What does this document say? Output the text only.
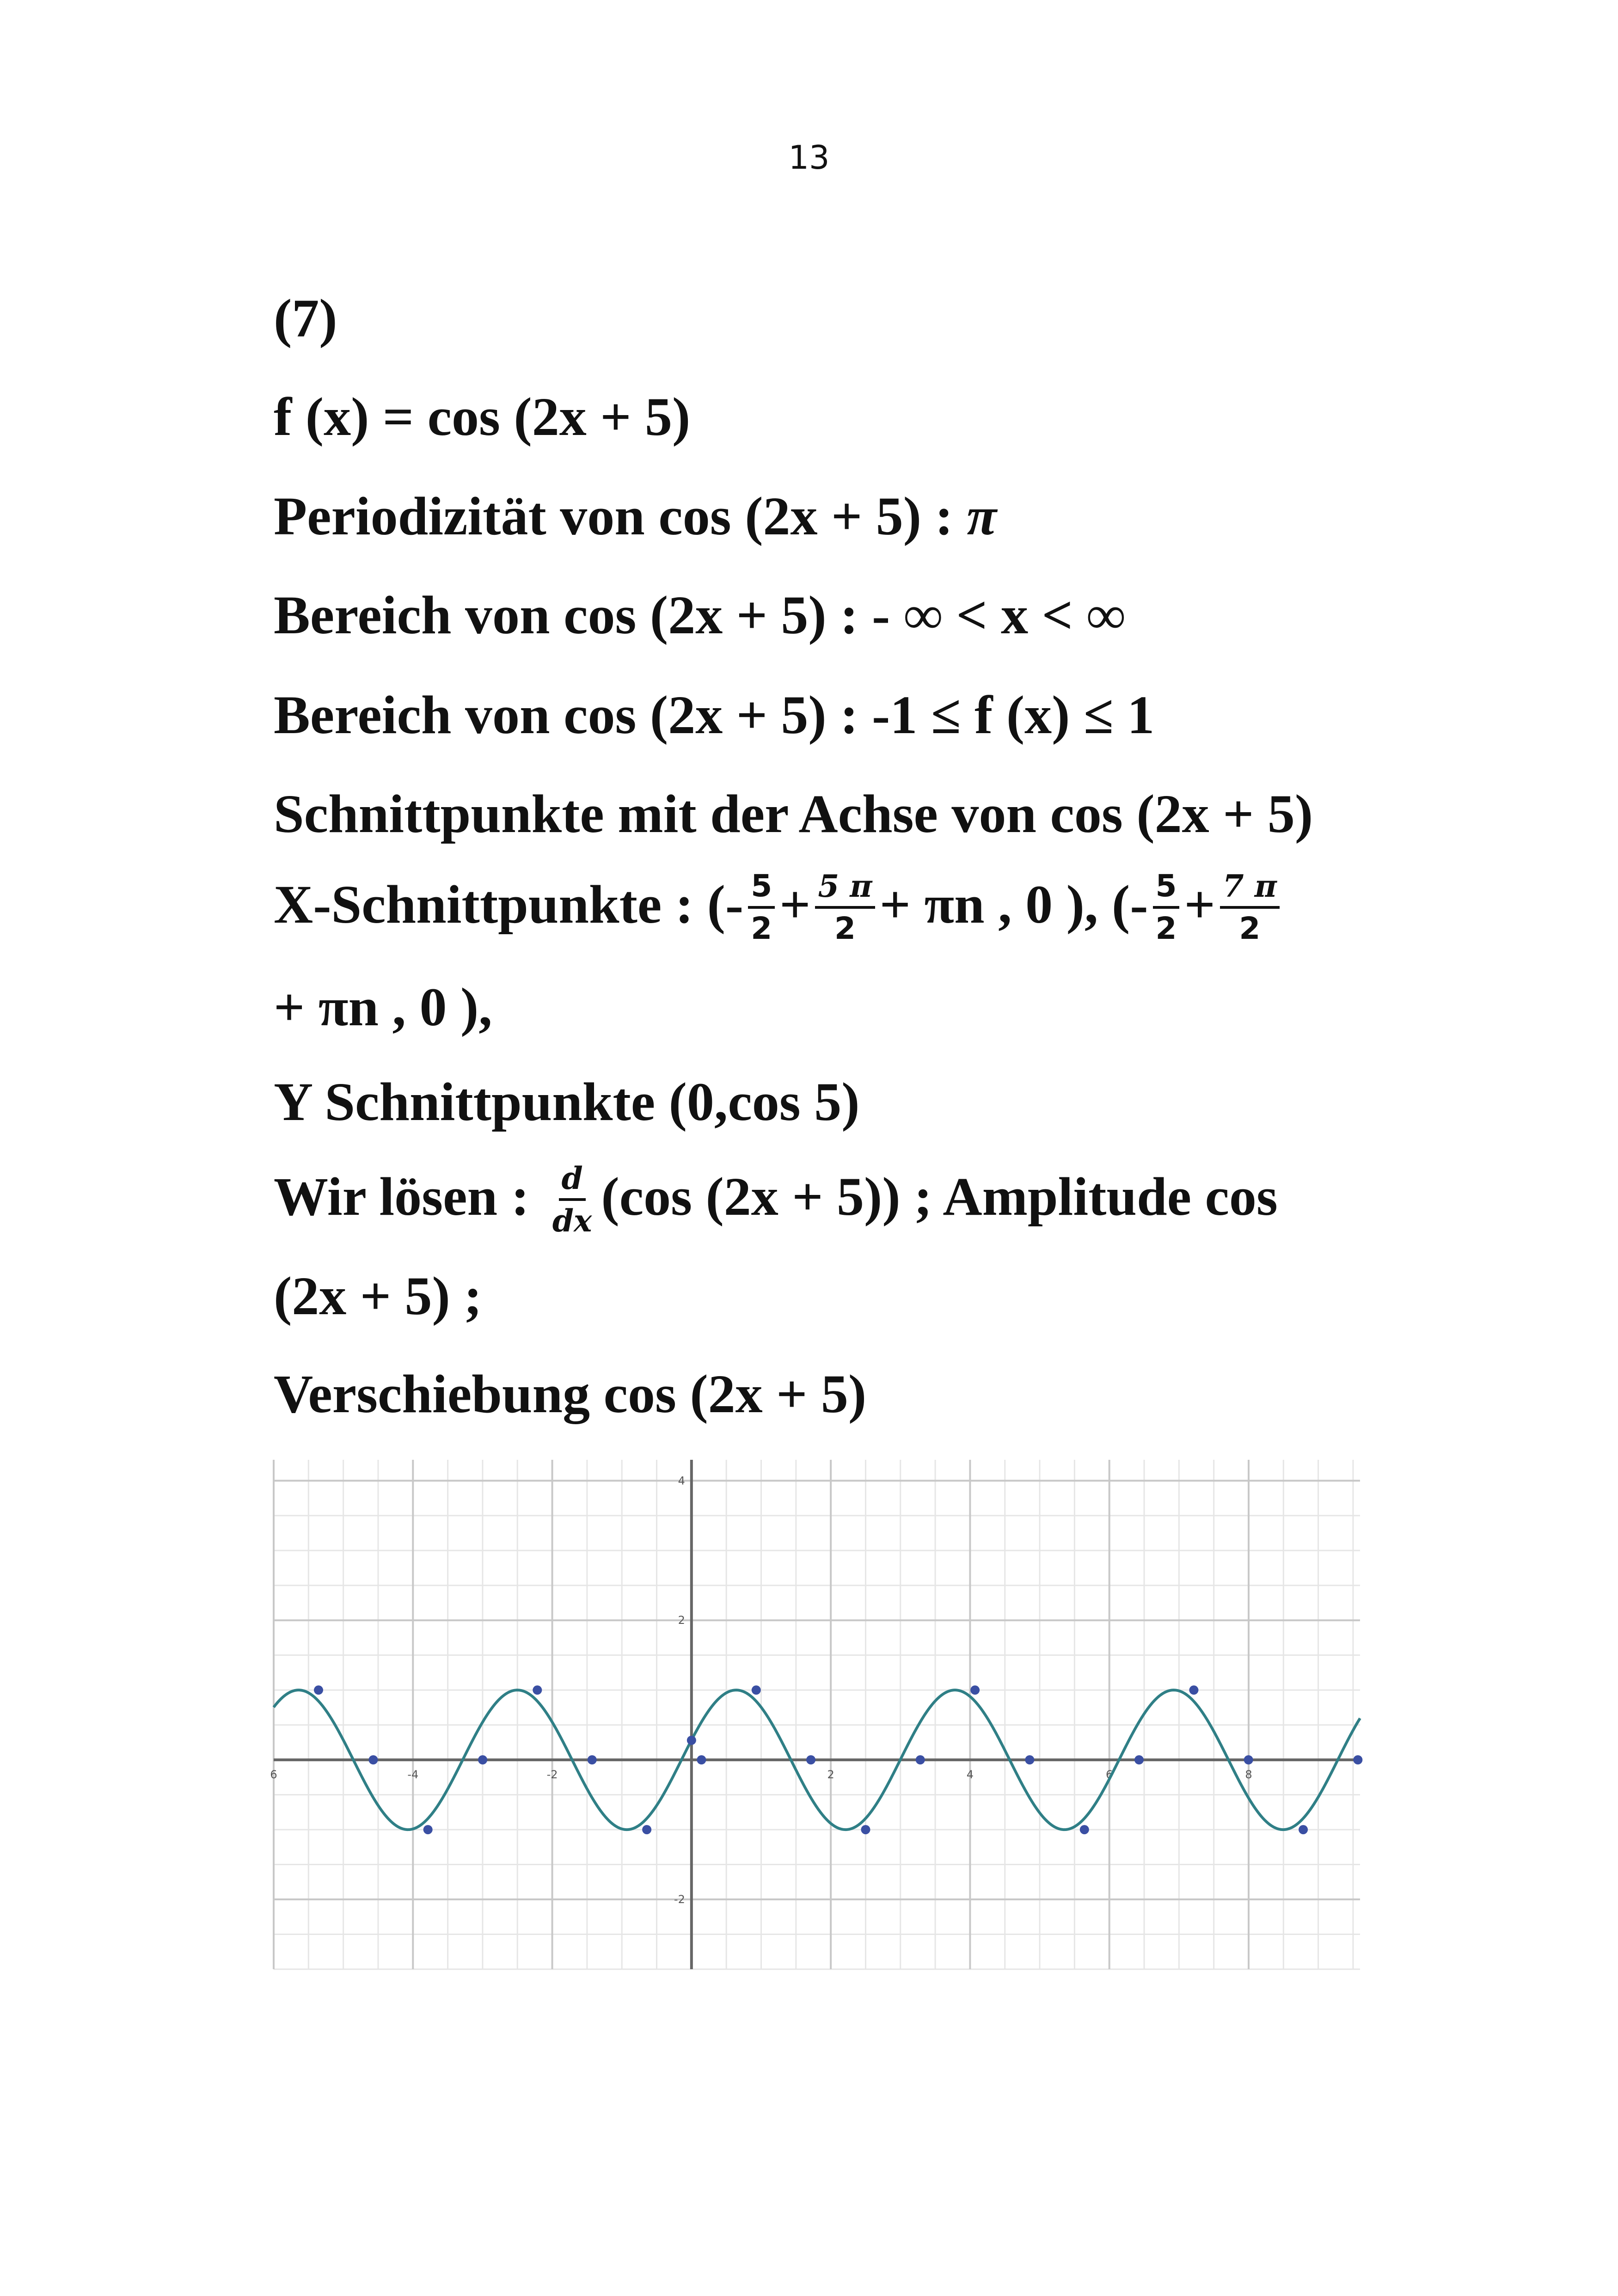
13
(7)
f (x) = cos (2x + 5)
Periodizität von cos (2x + 5) : π
Bereich von cos (2x + 5) : - ∞ < x < ∞
Bereich von cos (2x + 5) : -1 ≤ f (x) ≤ 1
Schnittpunkte mit der Achse von cos (2x + 5)
X-Schnittpunkte : (- $\frac{5}{2} + \frac{5 \pi}{2} + \pi n$ , 0 ), (- $\frac{5}{2} + \frac{7 \pi}{2}$
+ πn , 0 ),
Y Schnittpunkte (0,cos 5)
Wir lösen : $\frac{d}{dx} (\cos$ (2x + 5)) ; Amplitude cos
(2x + 5) ;
Verschiebung cos (2x + 5)
6	-4	-2	2	4	6	8
4
2
-2
